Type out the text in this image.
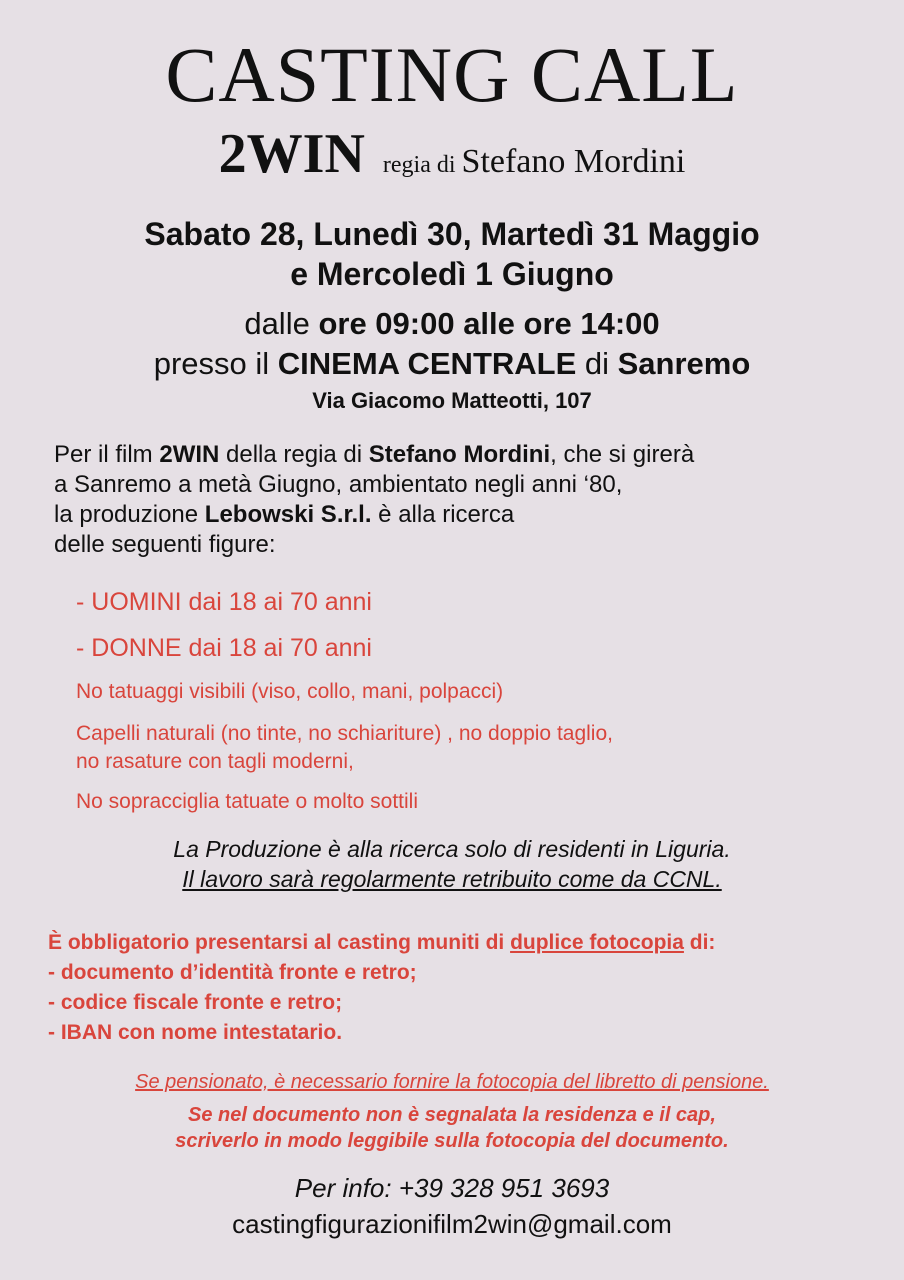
CASTING CALL
2WIN regia di Stefano Mordini
Sabato 28, Lunedì 30, Martedì 31 Maggio
e Mercoledì 1 Giugno
dalle ore 09:00 alle ore 14:00
presso il CINEMA CENTRALE di Sanremo
Via Giacomo Matteotti, 107
Per il film 2WIN della regia di Stefano Mordini, che si girerà
a Sanremo a metà Giugno, ambientato negli anni ‘80,
la produzione Lebowski S.r.l. è alla ricerca
delle seguenti figure:
- UOMINI dai 18 ai 70 anni
- DONNE dai 18 ai 70 anni
No tatuaggi visibili (viso, collo, mani, polpacci)
Capelli naturali (no tinte, no schiariture) , no doppio taglio,
no rasature con tagli moderni,
No sopracciglia tatuate o molto sottili
La Produzione è alla ricerca solo di residenti in Liguria.
Il lavoro sarà regolarmente retribuito come da CCNL.
È obbligatorio presentarsi al casting muniti di duplice fotocopia di:
- documento d’identità fronte e retro;
- codice fiscale fronte e retro;
- IBAN con nome intestatario.
Se pensionato, è necessario fornire la fotocopia del libretto di pensione.
Se nel documento non è segnalata la residenza e il cap,
scriverlo in modo leggibile sulla fotocopia del documento.
Per info: +39 328 951 3693
castingfigurazionifilm2win@gmail.com
